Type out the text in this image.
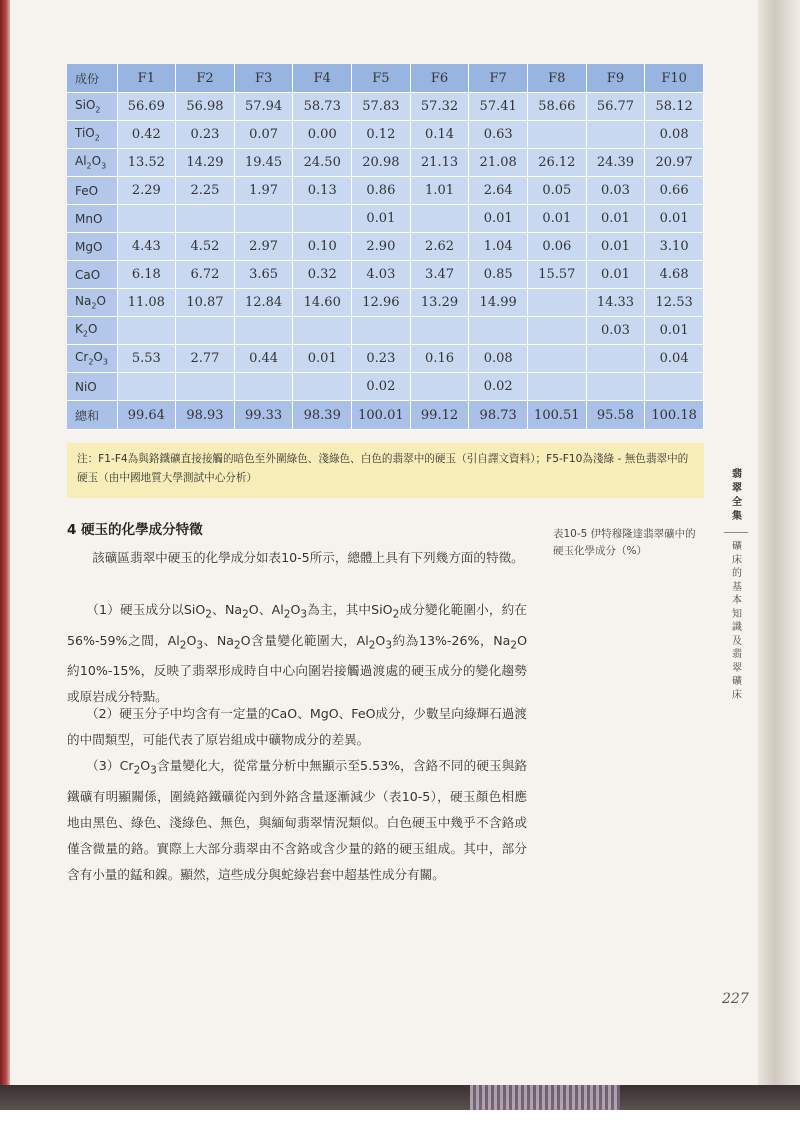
成份	F1	F2	F3	F4	F5	F6	F7	F8	F9	F10
SiO$_2$	56.69	56.98	57.94	58.73	57.83	57.32	57.41	58.66	56.77	58.12
TiO$_2$	0.42	0.23	0.07	0.00	0.12	0.14	0.63			0.08
$Al_2O_3$	13.52	14.29	19.45	24.50	20.98	21.13	21.08	26.12	24.39	20.97
FeO	2.29	2.25	1.97	0.13	0.86	1.01	2.64	0.05	0.03	0.66
MnO					0.01		0.01	0.01	0.01	0.01
MgO	4.43	4.52	2.97	0.10	2.90	2.62	1.04	0.06	0.01	3.10
CaO	6.18	6.72	3.65	0.32	4.03	3.47	0.85	15.57	0.01	4.68
$Na_2O$	11.08	10.87	12.84	14.60	12.96	13.29	14.99		14.33	12.53
$K_2O$									0.03	0.01
$Cr_2O_3$	5.53	2.77	0.44	0.01	0.23	0.16	0.08			0.04
NiO					0.02		0.02			
總和	99.64	98.93	99.33	98.39	100.01	99.12	98.73	100.51	95.58	100.18
注：F1-F4為與鉻鐵礦直接接觸的暗色至外圍綠色、淺綠色、白色的翡翠中的硬玉（引自譯文資料）；F5-F10為淺綠 - 無色翡翠中的硬玉（由中國地質大學測試中心分析）
4 硬玉的化學成分特徵

　　該礦區翡翠中硬玉的化學成分如表10-5所示，總體上具有下列幾方面的特徵。

　　（1）硬玉成分以SiO$_2$、$Na_2O$、$Al_2O_3$為主，其中SiO$_2$成分變化範圍小，約在56%-59%之間，$Al_2O_3$、$Na_2O$含量變化範圍大，$Al_2O_3$約為13%-26%，$Na_2O$約10%-15%，反映了翡翠形成時自中心向圍岩接觸過渡處的硬玉成分的變化趨勢或原岩成分特點。

　　（2）硬玉分子中均含有一定量的CaO、MgO、FeO成分，少數呈向綠輝石過渡的中間類型，可能代表了原岩組成中礦物成分的差異。

　　$(3)Cr_2O_3$含量變化大，從常量分析中無顯示至5.53%，含鉻不同的硬玉與鉻鐵礦有明顯關係，圍繞鉻鐵礦從內到外鉻含量逐漸減少（表10-5），硬玉顏色相應地由黑色、綠色、淺綠色、無色，與緬甸翡翠情況類似。白色硬玉中幾乎不含鉻或僅含微量的鉻。實際上大部分翡翠由不含鉻或含少量的鉻的硬玉組成。其中，部分含有小量的錳和鎳。顯然，這些成分與蛇綠岩套中超基性成分有關。

表10-5 伊特穆隆達翡翠礦中的硬玉化學成分（%）
翡翠全集
礦床的基本知識及翡翠礦床
227
